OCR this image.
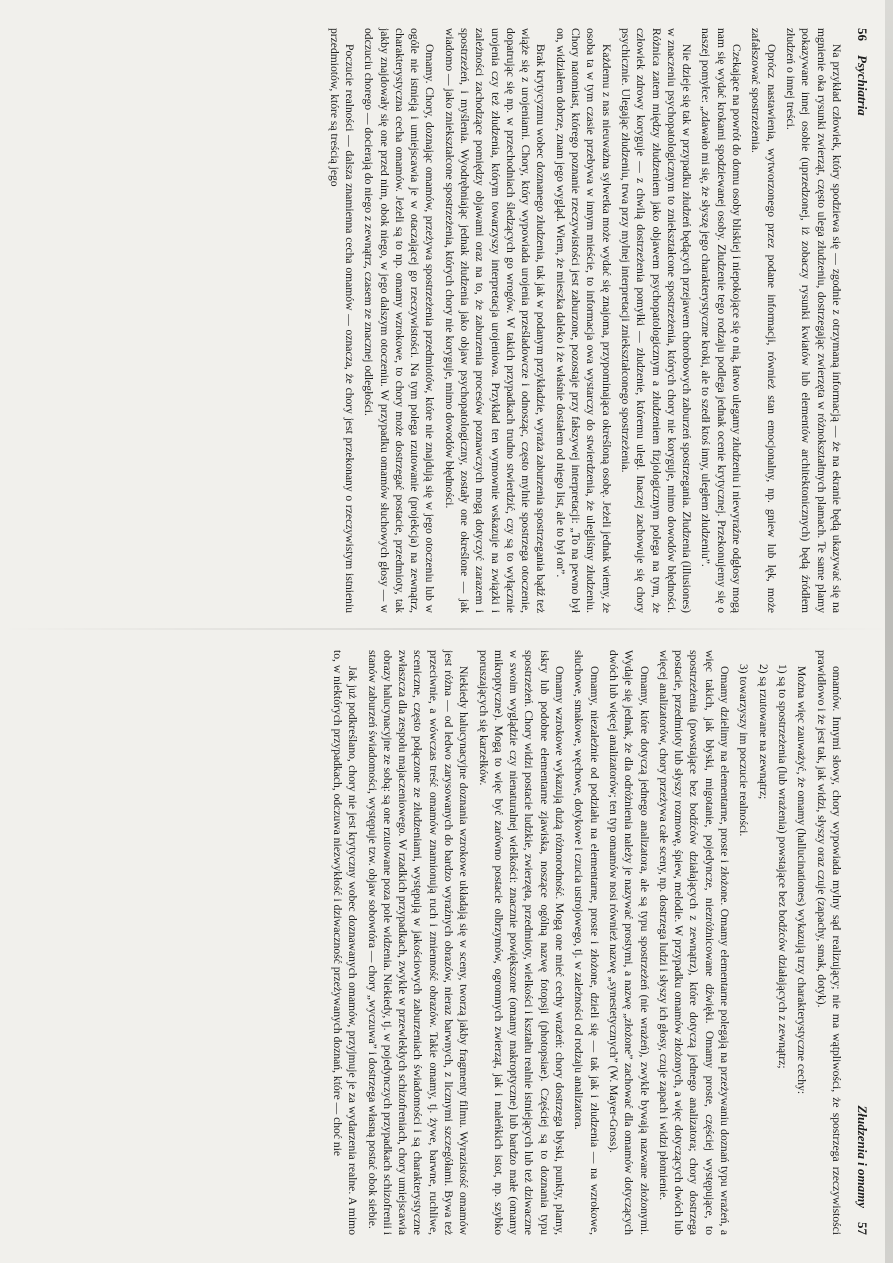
56
Psychiatria

Na przykład człowiek, który spodziewa się — zgodnie z otrzymaną informacją — że na ekranie będą ukazywać się na mgnienie oka rysunki zwierząt, często ulega złudzeniu, dostrzegając zwierzęta w różnokształtnych plamach. Te same plamy pokazywane innej osobie (uprzedzonej, iż zobaczy rysunki kwiatów lub elementów architektonicznych) będą źródłem złudzeń o innej treści.

Oprócz nastawienia, wytworzonego przez podane informacji, również stan emocjonalny, np. gniew lub lęk, może zafałszować spostrzeżenia.

Czekające na powrót do domu osoby bliskiej i niepokojące się o nią, łatwo ulegamy złudzeniu i niewyraźne odgłosy mogą nam się wydać krokami spodziewanej osoby. Złudzenie tego rodzaju podlega jednak ocenie krytycznej. Przekonujemy się o naszej pomyłce: „zdawało mi się, że słyszę jego charakterystyczne kroki, ale to szedł ktoś inny, uległem złudzeniu”.

Nie dzieje się tak w przypadku złudzeń będących przejawem chorobowych zaburzeń spostrzegania. Złudzenia (illusiones) w znaczeniu psychopatologicznym to zniekształcone spostrzeżenia, których chory nie koryguje, mimo dowodów błędności. Różnica zatem między złudzeniem jako objawem psychopatologicznym a złudzeniem fizjologicznym polega na tym, że człowiek zdrowy koryguje — z chwilą dostrzeżenia pomyłki — złudzenie, któremu uległ. Inaczej zachowuje się chory psychicznie. Ulegając złudzeniu, trwa przy mylnej interpretacji zniekształconego spostrzeżenia.

Każdemu z nas nieuważna sylwetka może wydać się znajoma, przypominająca określoną osobę. Jeżeli jednak wiemy, że osoba ta w tym czasie przebywa w innym mieście, to informacja owa wystarczy do stwierdzenia, że ulegliśmy złudzeniu. Chory natomiast, którego poznanie rzeczywistości jest zaburzone, pozostaje przy fałszywej interpretacji: „To na pewno był on, widziałem dobrze, znam jego wygląd. Wiem, że mieszka daleko i że właśnie dostałem od niego list, ale to był on”.

Brak krytycyzmu wobec doznanego złudzenia, tak jak w podanym przykładzie, wyraża zaburzenia spostrzegania bądź też wiąże się z urojeniami. Chory, który wypowiada urojenia prześladowcze i odnosząc, często mylnie spostrzega otoczenie, dopatrując się np. w przechodniach śledzących go wrogów. W takich przypadkach trudno stwierdzić, czy są to wyłącznie urojenia czy też złudzenia, którym towarzyszy interpretacja urojeniowa. Przykład ten wymownie wskazuje na związki i zależności zachodzące pomiędzy objawami oraz na to, że zaburzenia procesów poznawczych mogą dotyczyć zarazem i spostrzeżeń, i myślenia. Wyodrębniając jednak złudzenia jako objaw psychopatologiczny, zostały one określone — jak wiadomo — jako zniekształcone spostrzeżenia, których chory nie koryguje, mimo dowodów błędności.

Omamy. Chory, doznając omamów, przeżywa spostrzeżenia przedmiotów, które nie znajdują się w jego otoczeniu lub w ogóle nie istnieją i umiejscawia je w otaczającej go rzeczywistości. Na tym polega rzutowanie (projekcja) na zewnątrz, charakterystyczna cecha omamów. Jeżeli są to np. omamy wzrokowe, to chory może dostrzegać postacie, przedmioty, tak jakby znajdowały się one przed nim, obok niego, w jego dalszym otoczeniu. W przypadku omamów słuchowych głosy — w odczuciu chorego — docierają do niego z zewnątrz, czasem ze znacznej odległości.

Poczucie realności — dalsza znamienna cecha omamów — oznacza, że chory jest przekonany o rzeczywistym istnieniu przedmiotów, które są treścią jego

Złudzenia i omamy
57

omamów. Innymi słowy, chory wypowiada mylny sąd realizujący; nie ma wątpliwości, że spostrzega rzeczywistości prawidłowo i że jest tak, jak widzi, słyszy oraz czuje (zapachy, smak, dotyk).

Można więc zauważyć, że omamy (hallucinationes) wykazują trzy charakterystyczne cechy:

1) są to spostrzeżenia (lub wrażenia) powstające bez bodźców działających z zewnątrz;

2) są rzutowane na zewnątrz;

3) towarzyszy im poczucie realności.

Omamy dzielimy na elementarne, proste i złożone. Omamy elementarne polegają na przeżywaniu doznań typu wrażeń, a więc takich, jak błyski, migotanie, pojedyncze, niezróżnicowane dźwięki. Omamy proste, częściej występujące, to spostrzeżenia (powstające bez bodźców działających z zewnątrz), które dotyczą jednego analizatora; chory dostrzega postacie, przedmioty lub słyszy rozmowę, śpiew, melodie. W przypadku omamów złożonych, a więc dotyczących dwóch lub więcej analizatorów, chory przeżywa całe sceny, np. dostrzega ludzi i słyszy ich głosy, czuje zapach i widzi płomienie.

Omamy, które dotyczą jednego analizatora, ale są typu spostrzeżeń (nie wrażeń), zwykle bywają nazwane złożonymi. Wydaje się jednak, że dla odróżnienia należy je nazywać prostymi, a nazwę „złożone” zachować dla omamów dotyczących dwóch lub więcej analizatorów; ten typ omamów nosi również nazwę „synestetycznych” (W. Mayer-Gross).

Omamy, niezależnie od podziału na elementarne, proste i złożone, dzieli się — tak jak i złudzenia — na wzrokowe, słuchowe, smakowe, węchowe, dotykowe i czucia ustrojowego, tj. w zależności od rodzaju analizatora.

Omamy wzrokowe wykazują dużą różnorodność. Mogą one mieć cechy wrażeń: chory dostrzega błyski, punkty, plamy, iskry lub podobne elementarne zjawiska, noszące ogólną nazwę fotopsji (photopsiae). Częściej są to doznania typu spostrzeżeń. Chory widzi postacie ludzkie, zwierzęta, przedmioty, wielkości i kształtu realnie istniejących lub też dziwaczne w swoim wyglądzie czy nienaturalnej wielkości: znacznie powiększone (omamy makroptyczne) lub bardzo małe (omamy mikroptyczne). Mogą to więc być zarówno postacie olbrzymów, ogromnych zwierząt, jak i maleńkich istot, np. szybko poruszających się karzełków.

Niekiedy halucynacyjne doznania wzrokowe układają się w sceny, tworzą jakby fragmenty filmu. Wyrazistość omamów jest różna — od ledwo zarysowanych do bardzo wyraźnych obrazów, nieraz barwnych, z licznymi szczegółami. Bywa też przeciwnie, a wówczas treść omamów znamionują ruch i zmienność obrazów. Takie omamy, tj. żywe, barwne, ruchliwe, sceniczne, często połączone ze złudzeniami, występują w jakościowych zaburzeniach świadomości i są charakterystyczne zwłaszcza dla zespołu majaczeniowego. W rzadkich przypadkach, zwykle w przewlekłych schizofreniach, chory umiejscawia obrazy halucynacyjne ze sobą: są one rzutowane poza pole widzenia. Niekiedy, tj. w pojedynczych przypadkach schizofrenii i stanów zaburzeń świadomości, występuje tzw. objaw sobowtóra — chory „wyczuwa” i dostrzega własną postać obok siebie.

Jak już podkreślano, chory nie jest krytyczny wobec doznawanych omamów, przyjmuje je za wydarzenia realne. A mimo to, w niektórych przypadkach, odczuwa niezwykłość i dziwaczność przeżywanych doznań, które — choć nie
